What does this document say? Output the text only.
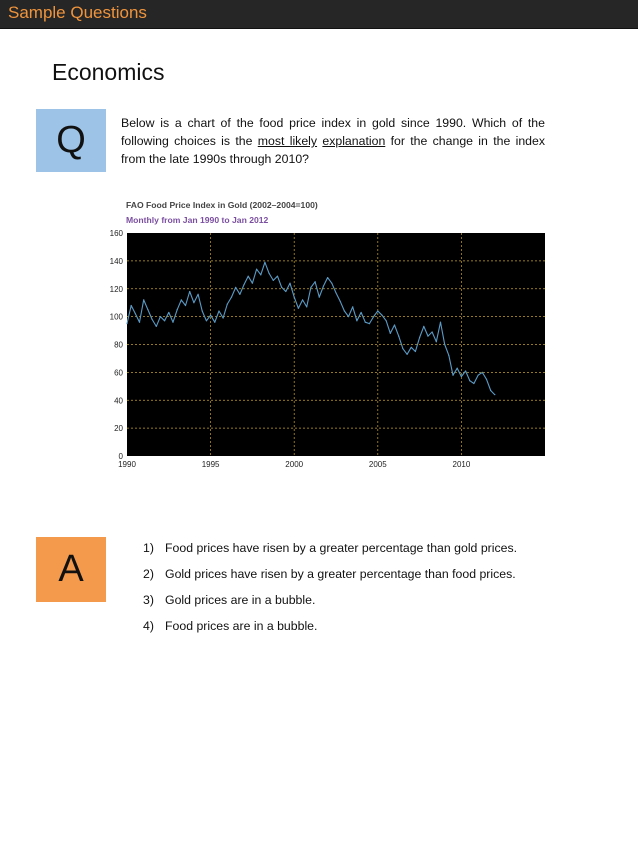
Sample Questions
Economics
Q	Below is a chart of the food price index in gold since 1990. Which of the following choices is the most likely explanation for the change in the index from the late 1990s through 2010?
FAO Food Price Index in Gold (2002–2004=100)
Monthly from Jan 1990 to Jan 2012
0
20
40
60
80
100
120
140
160
1990	1995	2000	2005	2010
A	1) Food prices have risen by a greater percentage than gold prices.
2) Gold prices have risen by a greater percentage than food prices.
3) Gold prices are in a bubble.
4) Food prices are in a bubble.
